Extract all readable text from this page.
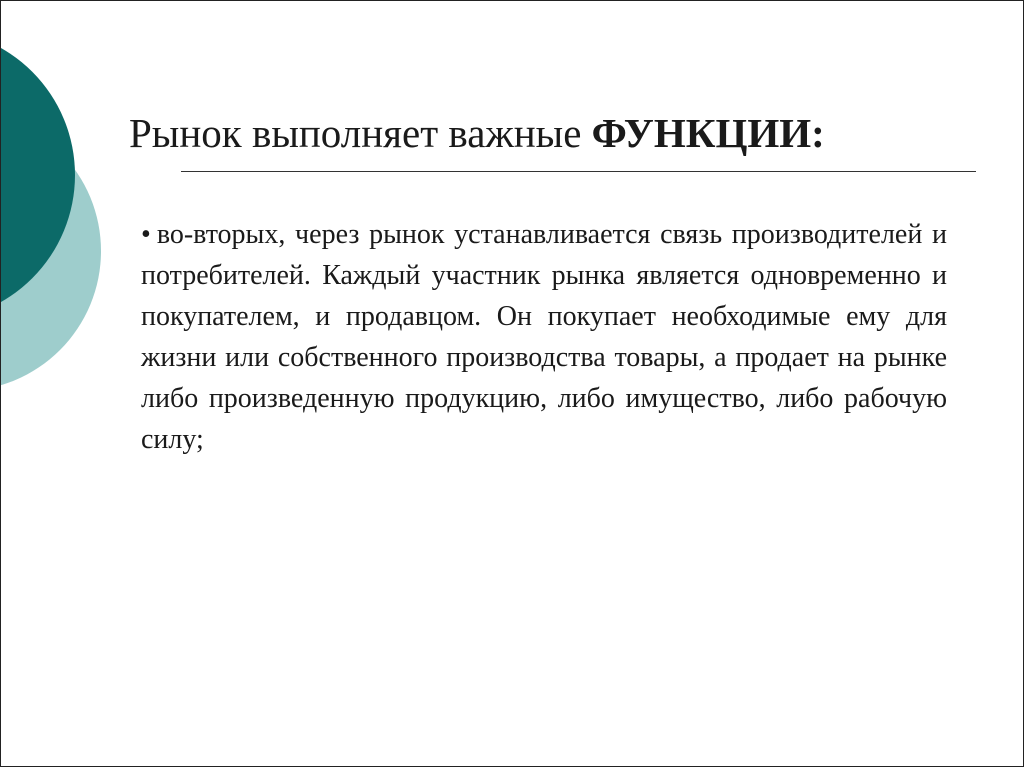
Рынок выполняет важные ФУНКЦИИ:
• во-вторых, через рынок устанавливается связь производителей и потребителей. Каждый участник рынка является одновременно и покупателем, и продавцом. Он покупает необходимые ему для жизни или собственного производства товары, а продает на рынке либо произведенную продукцию, либо имущество, либо рабочую силу;
